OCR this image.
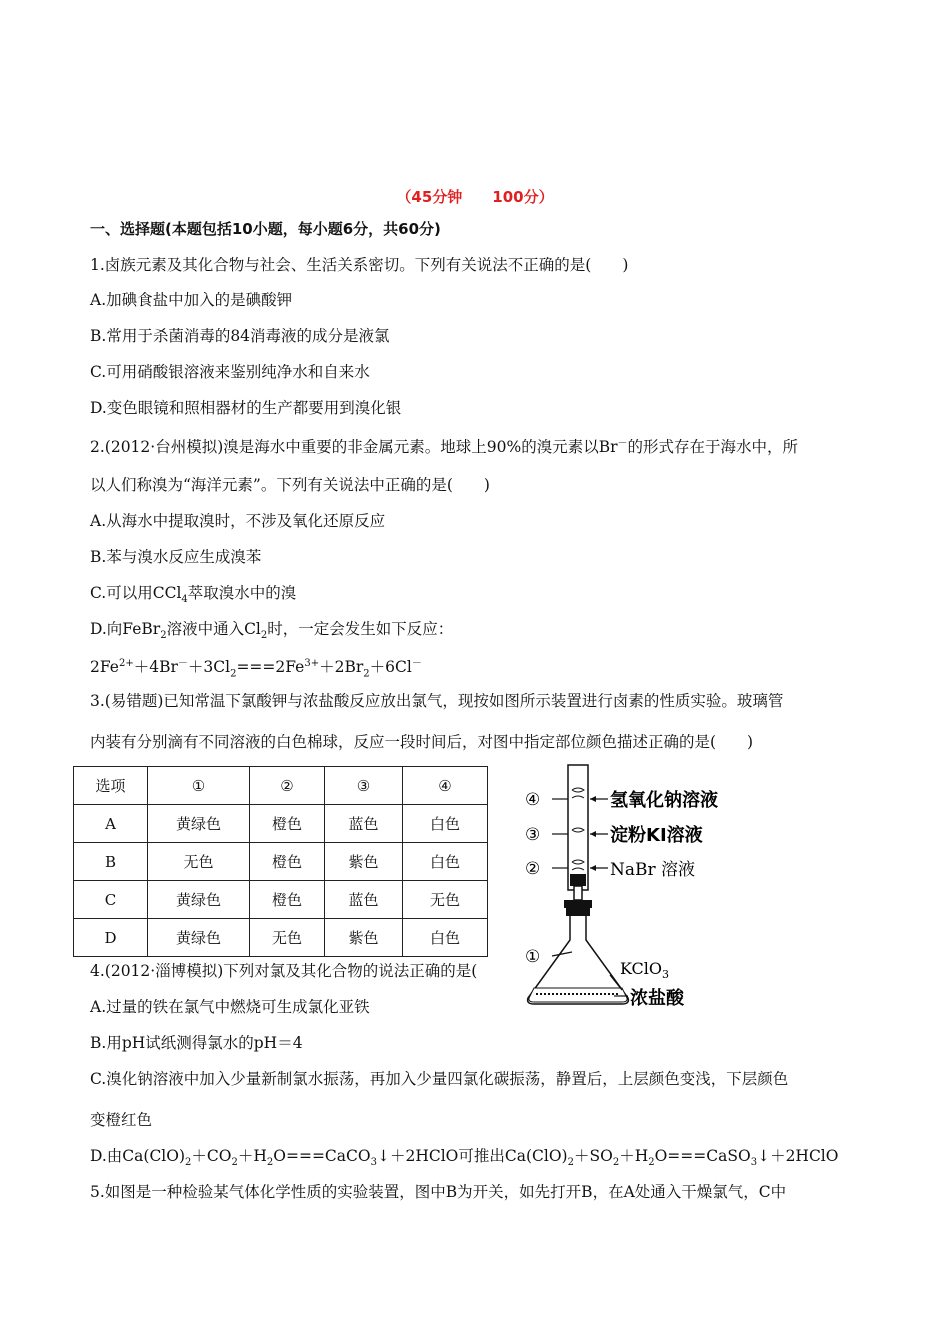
（45分钟　　100分）
一、选择题(本题包括10小题，每小题6分，共60分)
1.卤族元素及其化合物与社会、生活关系密切。下列有关说法不正确的是(　　)
A.加碘食盐中加入的是碘酸钾
B.常用于杀菌消毒的84消毒液的成分是液氯
C.可用硝酸银溶液来鉴别纯净水和自来水
D.变色眼镜和照相器材的生产都要用到溴化银
2.(2012·台州模拟)溴是海水中重要的非金属元素。地球上90%的溴元素以Br－的形式存在于海水中，所
以人们称溴为“海洋元素”。下列有关说法中正确的是(　　)
A.从海水中提取溴时，不涉及氧化还原反应
B.苯与溴水反应生成溴苯
C.可以用CCl$_4$萃取溴水中的溴
D.向FeBr$_2$溶液中通入$Cl_2$时，一定会发生如下反应：
$2Fe^{2+}+4Br^-+3Cl_2===2Fe^{3+}+2Br_2+6Cl^-$
3.(易错题)已知常温下氯酸钾与浓盐酸反应放出氯气，现按如图所示装置进行卤素的性质实验。玻璃管
内装有分别滴有不同溶液的白色棉球，反应一段时间后，对图中指定部位颜色描述正确的是(　　)
选项	①	②	③	④
A	黄绿色	橙色	蓝色	白色
B	无色	橙色	紫色	白色
C	黄绿色	橙色	蓝色	无色
D	黄绿色	无色	紫色	白色
④
③
②
①
氢氧化钠溶液
淀粉KI溶液
NaBr 溶液
KClO$_3$
浓盐酸
4.(2012·淄博模拟)下列对氯及其化合物的说法正确的是(
A.过量的铁在氯气中燃烧可生成氯化亚铁
B.用pH试纸测得氯水的pH＝4
C.溴化钠溶液中加入少量新制氯水振荡，再加入少量四氯化碳振荡，静置后，上层颜色变浅，下层颜色
变橙红色
D.由$Ca(ClO)_2+CO_2+H_2O===CaCO_3↓+2HClO$可推出$Ca(ClO)_2+SO_2+H_2O===CaSO_3↓+2HClO$
5.如图是一种检验某气体化学性质的实验装置，图中B为开关，如先打开B，在A处通入干燥氯气，C中
